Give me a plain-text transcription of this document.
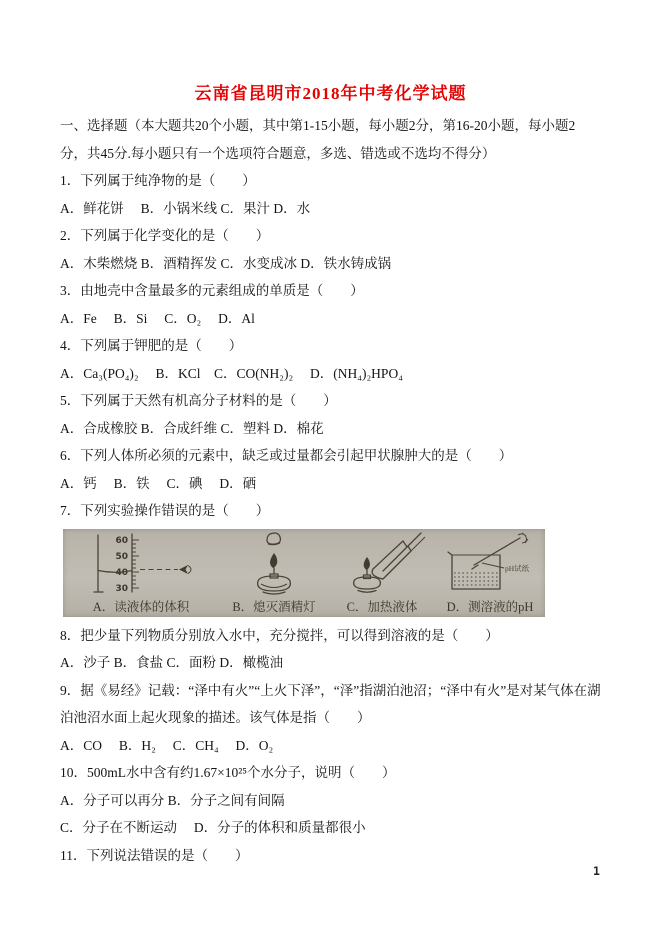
云南省昆明市2018年中考化学试题

一、选择题（本大题共20个小题，其中第1-15小题，每小题2分，第16-20小题，每小题2分，共45分.每小题只有一个选项符合题意，多选、错选或不选均不得分）

1．下列属于纯净物的是（　　）

A．鲜花饼　 B．小锅米线 C．果汁 D．水

2．下列属于化学变化的是（　　）

A．木柴燃烧 B．酒精挥发 C．水变成冰 D．铁水铸成锅

3．由地壳中含量最多的元素组成的单质是（　　）

A．Fe　 B．Si　 C．O₂　 D．Al

4．下列属于钾肥的是（　　）

A．Ca₃(PO₄)₂　 B．KCl　C．CO(NH₂)₂　 D．(NH₄)₂HPO₄

5．下列属于天然有机高分子材料的是（　　）

A．合成橡胶 B．合成纤维 C．塑料 D．棉花

6．下列人体所必须的元素中，缺乏或过量都会引起甲状腺肿大的是（　　）

A．钙　 B．铁　 C．碘　 D．硒

7．下列实验操作错误的是（　　）

60
50
40
30
A．读液体的体积	B．熄灭酒精灯 C．加热液体
pH试纸
D．测溶液的pH

8．把少量下列物质分别放入水中，充分搅拌，可以得到溶液的是（　　）

A．沙子 B．食盐 C．面粉 D．橄榄油

9．据《易经》记载：“泽中有火”“上火下泽”，“泽”指湖泊池沼；“泽中有火”是对某气体在湖泊池沼水面上起火现象的描述。该气体是指（　　）

A．CO　 B．H₂　 C．CH₄　 D．O₂

10．500mL水中含有约1.67×10²⁵个水分子，说明（　　）

A．分子可以再分 B．分子之间有间隔

C．分子在不断运动　 D．分子的体积和质量都很小

11．下列说法错误的是（　　）

1
